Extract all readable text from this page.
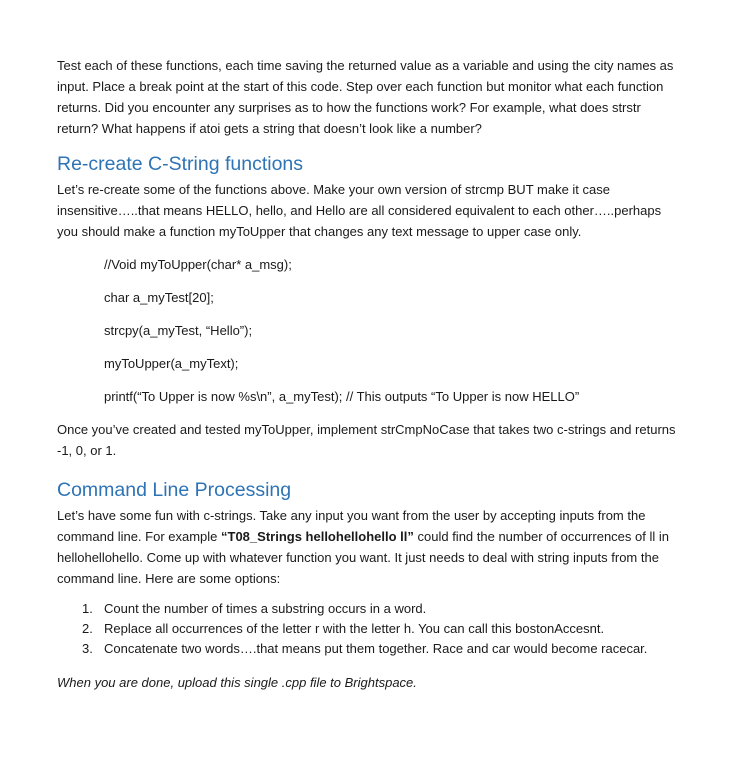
Test each of these functions, each time saving the returned value as a variable and using the city names as input. Place a break point at the start of this code. Step over each function but monitor what each function returns. Did you encounter any surprises as to how the functions work? For example, what does strstr return? What happens if atoi gets a string that doesn’t look like a number?

Re-create C-String functions

Let’s re-create some of the functions above. Make your own version of strcmp BUT make it case insensitive…..that means HELLO, hello, and Hello are all considered equivalent to each other…..perhaps you should make a function myToUpper that changes any text message to upper case only.

//Void myToUpper(char* a_msg);

char a_myTest[20];

strcpy(a_myTest, “Hello”);

myToUpper(a_myText);

printf(“To Upper is now %s\n”, a_myTest); // This outputs “To Upper is now HELLO”

Once you’ve created and tested myToUpper, implement strCmpNoCase that takes two c-strings and returns -1, 0, or 1.

Command Line Processing

Let’s have some fun with c-strings. Take any input you want from the user by accepting inputs from the command line. For example “T08_Strings hellohellohello ll” could find the number of occurrences of ll in hellohellohello. Come up with whatever function you want. It just needs to deal with string inputs from the command line. Here are some options:

1. Count the number of times a substring occurs in a word.
2. Replace all occurrences of the letter r with the letter h. You can call this bostonAccesnt.
3. Concatenate two words….that means put them together. Race and car would become racecar.

When you are done, upload this single .cpp file to Brightspace.
